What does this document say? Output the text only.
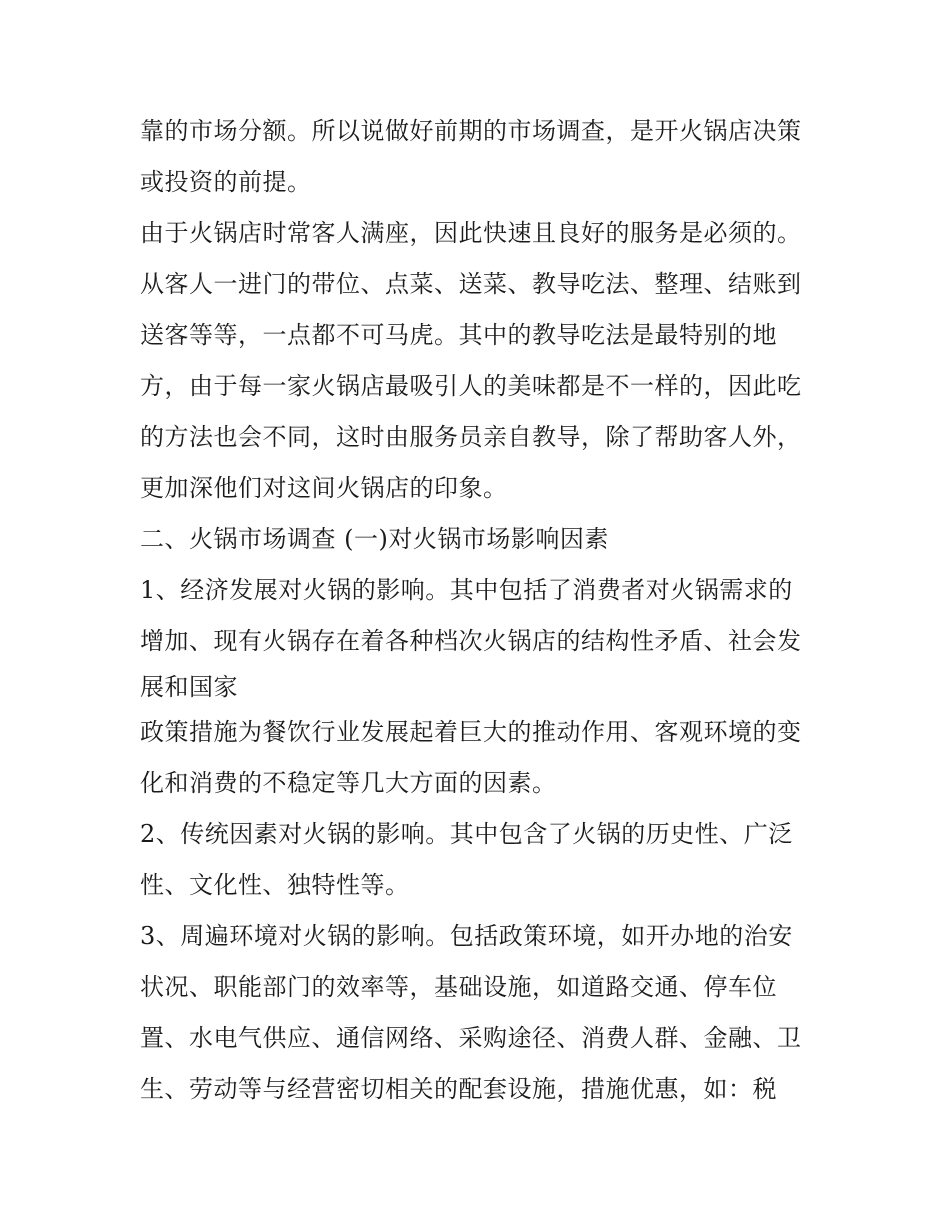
靠的市场分额。所以说做好前期的市场调查，是开火锅店决策
或投资的前提。
由于火锅店时常客人满座，因此快速且良好的服务是必须的。
从客人一进门的带位、点菜、送菜、教导吃法、整理、结账到
送客等等，一点都不可马虎。其中的教导吃法是最特别的地
方，由于每一家火锅店最吸引人的美味都是不一样的，因此吃
的方法也会不同，这时由服务员亲自教导，除了帮助客人外，
更加深他们对这间火锅店的印象。
二、火锅市场调查 (一)对火锅市场影响因素
1、经济发展对火锅的影响。其中包括了消费者对火锅需求的
增加、现有火锅存在着各种档次火锅店的结构性矛盾、社会发
展和国家
政策措施为餐饮行业发展起着巨大的推动作用、客观环境的变
化和消费的不稳定等几大方面的因素。
2、传统因素对火锅的影响。其中包含了火锅的历史性、广泛
性、文化性、独特性等。
3、周遍环境对火锅的影响。包括政策环境，如开办地的治安
状况、职能部门的效率等，基础设施，如道路交通、停车位
置、水电气供应、通信网络、采购途径、消费人群、金融、卫
生、劳动等与经营密切相关的配套设施，措施优惠，如：税
